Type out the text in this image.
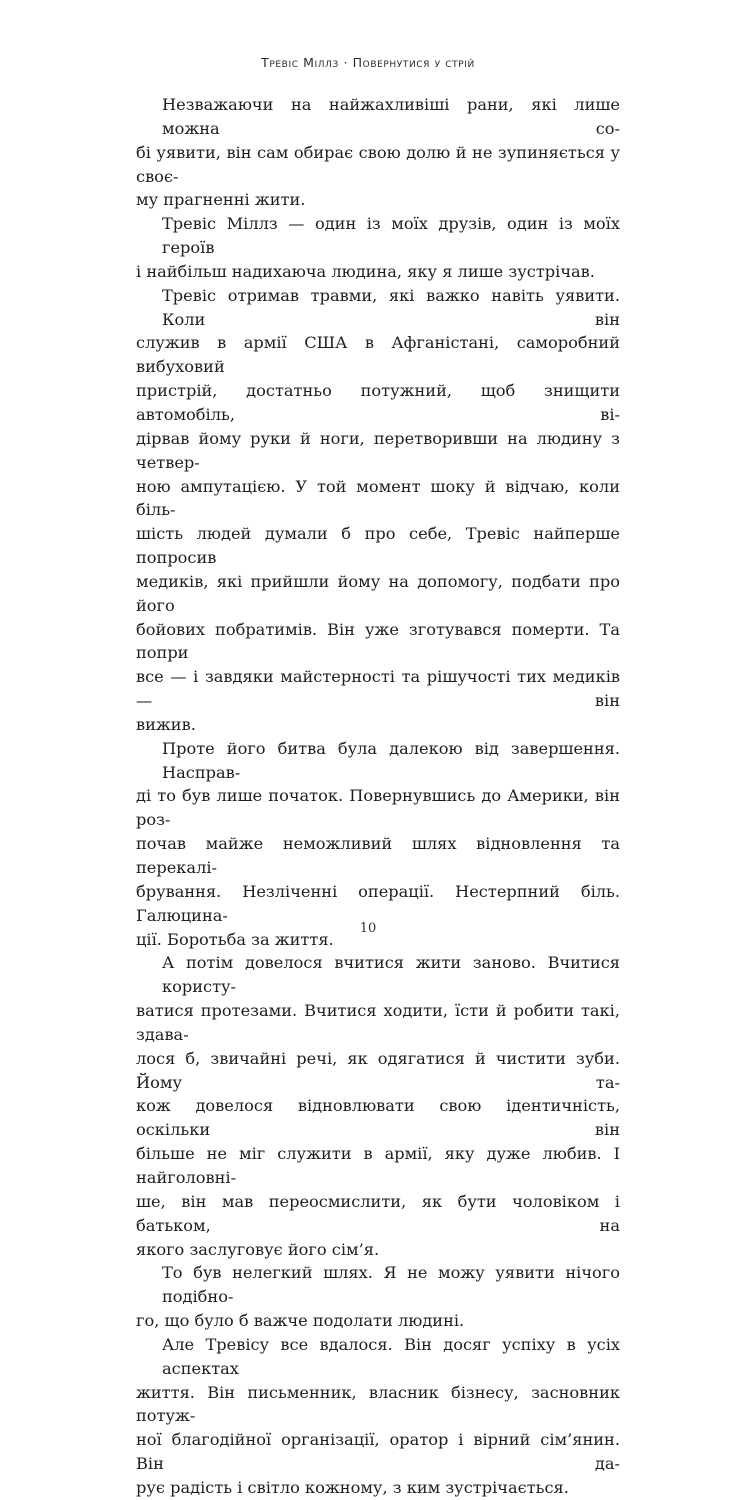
Тревіс Міллз · Повернутися у стрій
Незважаючи на найжахливіші рани, які лише можна со-
бі уявити, він сам обирає свою долю й не зупиняється у своє-
му прагненні жити.
Тревіс Міллз — один із моїх друзів, один із моїх героїв
і найбільш надихаюча людина, яку я лише зустрічав.
Тревіс отримав травми, які важко навіть уявити. Коли він
служив в армії США в Афганістані, саморобний вибуховий
пристрій, достатньо потужний, щоб знищити автомобіль, ві-
дірвав йому руки й ноги, перетворивши на людину з четвер-
ною ампутацією. У той момент шоку й відчаю, коли біль-
шість людей думали б про себе, Тревіс найперше попросив
медиків, які прийшли йому на допомогу, подбати про його
бойових побратимів. Він уже зготувався померти. Та попри
все — і завдяки майстерності та рішучості тих медиків — він
вижив.
Проте його битва була далекою від завершення. Насправ-
ді то був лише початок. Повернувшись до Америки, він роз-
почав майже неможливий шлях відновлення та перекалі-
брування. Незліченні операції. Нестерпний біль. Галюцина-
ції. Боротьба за життя.
А потім довелося вчитися жити заново. Вчитися користу-
ватися протезами. Вчитися ходити, їсти й робити такі, здава-
лося б, звичайні речі, як одягатися й чистити зуби. Йому та-
кож довелося відновлювати свою ідентичність, оскільки він
більше не міг служити в армії, яку дуже любив. І найголовні-
ше, він мав переосмислити, як бути чоловіком і батьком, на
якого заслуговує його сім’я.
То був нелегкий шлях. Я не можу уявити нічого подібно-
го, що було б важче подолати людині.
Але Тревісу все вдалося. Він досяг успіху в усіх аспектах
життя. Він письменник, власник бізнесу, засновник потуж-
ної благодійної організації, оратор і вірний сім’янин. Він да-
рує радість і світло кожному, з ким зустрічається.
10
